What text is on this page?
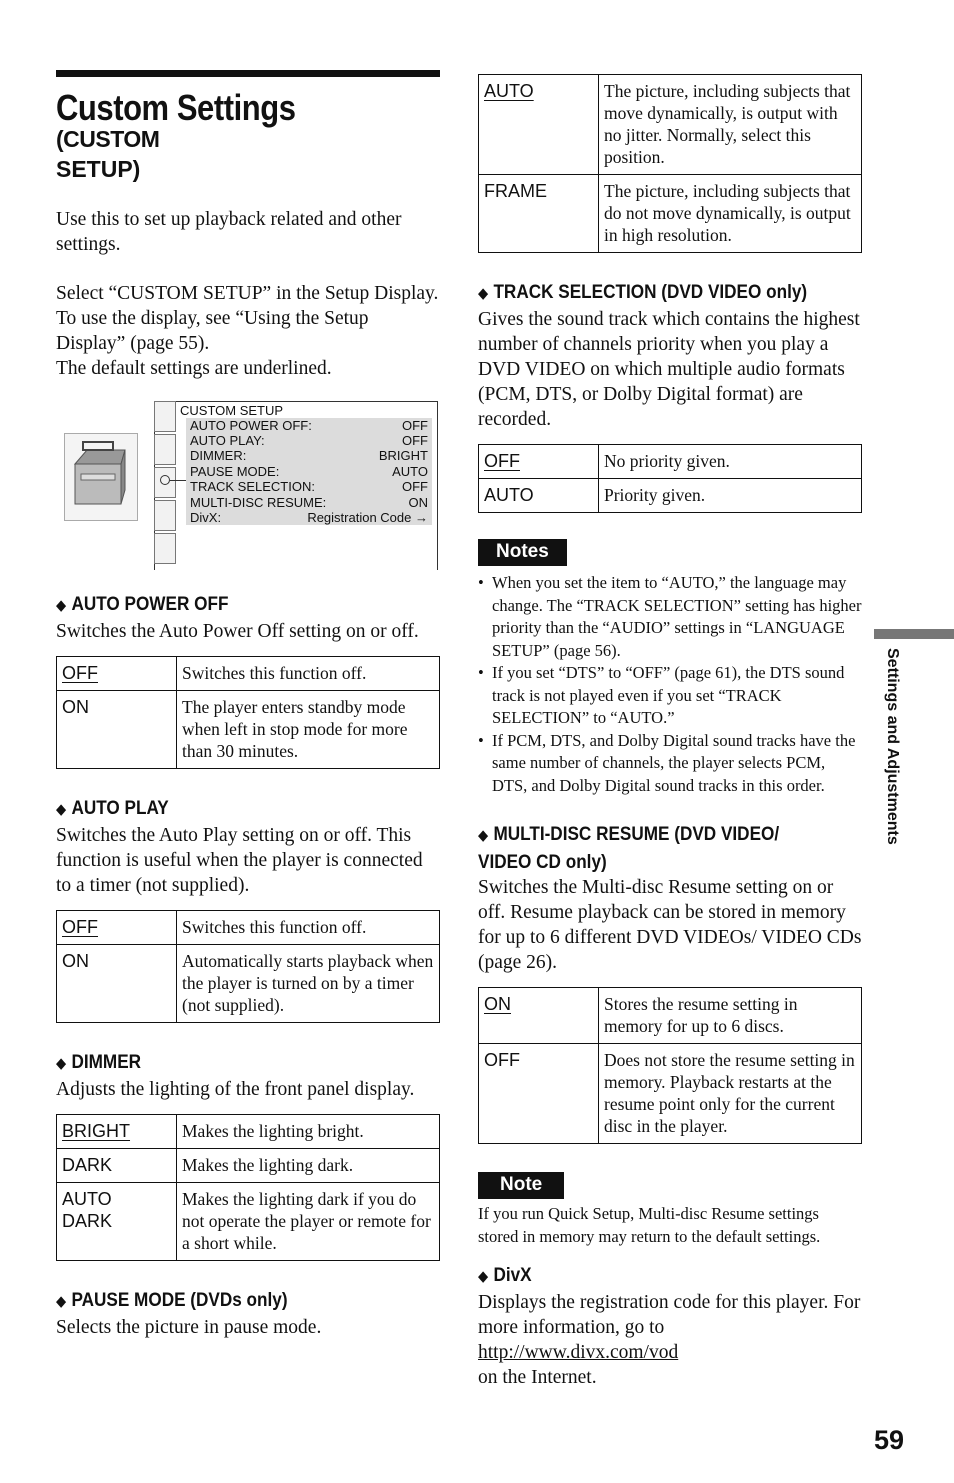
Custom Settings (CUSTOM
SETUP)

Use this to set up playback related and other settings.

Select “CUSTOM SETUP” in the Setup Display. To use the display, see “Using the Setup Display” (page 55).

The default settings are underlined.

CUSTOM SETUP
AUTO POWER OFF:	OFF
AUTO PLAY:	OFF
DIMMER:	BRIGHT
PAUSE MODE:	AUTO
TRACK SELECTION:	OFF
MULTI-DISC RESUME:	ON
DivX:	Registration Code →
◆ AUTO POWER OFF

Switches the Auto Power Off setting on or off.

OFF	Switches this function off.
ON	The player enters standby mode when left in stop mode for more than 30 minutes.
◆ AUTO PLAY

Switches the Auto Play setting on or off. This function is useful when the player is connected to a timer (not supplied).

OFF	Switches this function off.
ON	Automatically starts playback when the player is turned on by a timer (not supplied).
◆ DIMMER

Adjusts the lighting of the front panel display.

BRIGHT	Makes the lighting bright.
DARK	Makes the lighting dark.
AUTO
DARK	Makes the lighting dark if you do not operate the player or remote for a short while.
◆ PAUSE MODE (DVDs only)

Selects the picture in pause mode.

AUTO	The picture, including subjects that move dynamically, is output with no jitter. Normally, select this position.
FRAME	The picture, including subjects that do not move dynamically, is output in high resolution.
◆ TRACK SELECTION (DVD VIDEO only)

Gives the sound track which contains the highest number of channels priority when you play a DVD VIDEO on which multiple audio formats (PCM, DTS, or Dolby Digital format) are recorded.

OFF	No priority given.
AUTO	Priority given.
Notes
• When you set the item to “AUTO,” the language may change. The “TRACK SELECTION” setting has higher priority than the “AUDIO” settings in “LANGUAGE SETUP” (page 56).
• If you set “DTS” to “OFF” (page 61), the DTS sound track is not played even if you set “TRACK SELECTION” to “AUTO.”
• If PCM, DTS, and Dolby Digital sound tracks have the same number of channels, the player selects PCM, DTS, and Dolby Digital sound tracks in this order.
◆ MULTI-DISC RESUME (DVD VIDEO/
VIDEO CD only)

Switches the Multi-disc Resume setting on or off. Resume playback can be stored in memory for up to 6 different DVD VIDEOs/ VIDEO CDs (page 26).

ON	Stores the resume setting in memory for up to 6 discs.
OFF	Does not store the resume setting in memory. Playback restarts at the resume point only for the current disc in the player.
Note

If you run Quick Setup, Multi-disc Resume settings stored in memory may return to the default settings.

◆ DivX

Displays the registration code for this player. For more information, go to

http://www.divx.com/vod

on the Internet.

Settings and Adjustments
59
